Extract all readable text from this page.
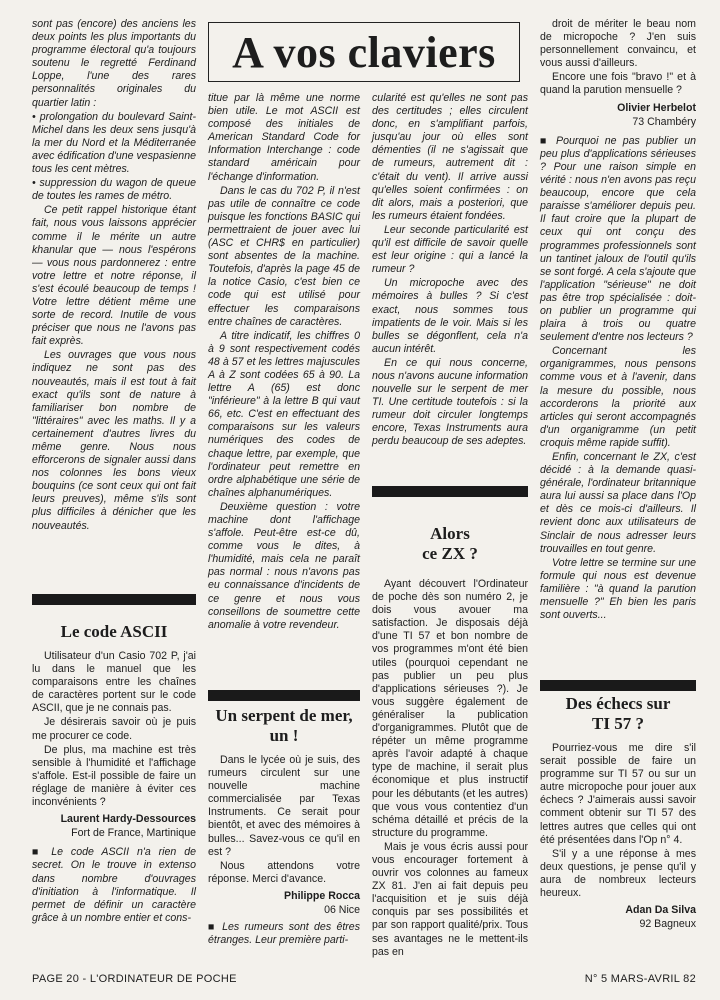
sont pas (encore) des anciens les deux points les plus importants du programme électoral qu'a toujours soutenu le regretté Ferdinand Loppe, l'une des rares personnalités originales du quartier latin :

• prolongation du boulevard Saint-Michel dans les deux sens jusqu'à la mer du Nord et la Méditerranée avec édification d'une vespasienne tous les cent mètres.

• suppression du wagon de queue de toutes les rames de métro.

Ce petit rappel historique étant fait, nous vous laissons apprécier comme il le mérite un autre khanular que — nous l'espérons — vous nous pardonnerez : entre votre lettre et notre réponse, il s'est écoulé beaucoup de temps ! Votre lettre détient même une sorte de record. Inutile de vous préciser que nous ne l'avons pas fait exprès.

Les ouvrages que vous nous indiquez ne sont pas des nouveautés, mais il est tout à fait exact qu'ils sont de nature à familiariser bon nombre de "littéraires" avec les maths. Il y a certainement d'autres livres du même genre. Nous nous efforcerons de signaler aussi dans nos colonnes les bons vieux bouquins (ce sont ceux qui ont fait leurs preuves), même s'ils sont plus difficiles à dénicher que les nouveautés.

Le code ASCII

Utilisateur d'un Casio 702 P, j'ai lu dans le manuel que les comparaisons entre les chaînes de caractères portent sur le code ASCII, que je ne connais pas.

Je désirerais savoir où je puis me procurer ce code.

De plus, ma machine est très sensible à l'humidité et l'affichage s'affole. Est-il possible de faire un réglage de manière à éviter ces inconvénients ?

Laurent Hardy-Dessources

Fort de France, Martinique

■ Le code ASCII n'a rien de secret. On le trouve in extenso dans nombre d'ouvrages d'initiation à l'informatique. Il permet de définir un caractère grâce à un nombre entier et cons-

A vos claviers

titue par là même une norme bien utile. Le mot ASCII est composé des initiales de American Standard Code for Information Interchange : code standard américain pour l'échange d'information.

Dans le cas du 702 P, il n'est pas utile de connaître ce code puisque les fonctions BASIC qui permettraient de jouer avec lui (ASC et CHR$ en particulier) sont absentes de la machine. Toutefois, d'après la page 45 de la notice Casio, c'est bien ce code qui est utilisé pour effectuer les comparaisons entre chaînes de caractères.

A titre indicatif, les chiffres 0 à 9 sont respectivement codés 48 à 57 et les lettres majuscules A à Z sont codées 65 à 90. La lettre A (65) est donc "inférieure" à la lettre B qui vaut 66, etc. C'est en effectuant des comparaisons sur les valeurs numériques des codes de chaque lettre, par exemple, que l'ordinateur peut remettre en ordre alphabétique une série de chaînes alphanumériques.

Deuxième question : votre machine dont l'affichage s'affole. Peut-être est-ce dû, comme vous le dites, à l'humidité, mais cela ne paraît pas normal : nous n'avons pas eu connaissance d'incidents de ce genre et nous vous conseillons de soumettre cette anomalie à votre revendeur.

Un serpent de mer, un !

Dans le lycée où je suis, des rumeurs circulent sur une nouvelle machine commercialisée par Texas Instruments. Ce serait pour bientôt, et avec des mémoires à bulles... Savez-vous ce qu'il en est ?

Nous attendons votre réponse. Merci d'avance.

Philippe Rocca

06 Nice

■ Les rumeurs sont des êtres étranges. Leur première parti-

cularité est qu'elles ne sont pas des certitudes ; elles circulent donc, en s'amplifiant parfois, jusqu'au jour où elles sont démenties (il ne s'agissait que de rumeurs, autrement dit : c'était du vent). Il arrive aussi qu'elles soient confirmées : on dit alors, mais a posteriori, que les rumeurs étaient fondées.

Leur seconde particularité est qu'il est difficile de savoir quelle est leur origine : qui a lancé la rumeur ?

Un micropoche avec des mémoires à bulles ? Si c'est exact, nous sommes tous impatients de le voir. Mais si les bulles se dégonflent, cela n'a aucun intérêt.

En ce qui nous concerne, nous n'avons aucune information nouvelle sur le serpent de mer TI. Une certitude toutefois : si la rumeur doit circuler longtemps encore, Texas Instruments aura perdu beaucoup de ses adeptes.

Alors
ce ZX ?

Ayant découvert l'Ordinateur de poche dès son numéro 2, je dois vous avouer ma satisfaction. Je disposais déjà d'une TI 57 et bon nombre de vos programmes m'ont été bien utiles (pourquoi cependant ne pas publier un peu plus d'applications sérieuses ?). Je vous suggère également de généraliser la publication d'organigrammes. Plutôt que de répéter un même programme après l'avoir adapté à chaque type de machine, il serait plus économique et plus instructif pour les débutants (et les autres) que vous vous contentiez d'un schéma détaillé et précis de la structure du programme.

Mais je vous écris aussi pour vous encourager fortement à ouvrir vos colonnes au fameux ZX 81. J'en ai fait depuis peu l'acquisition et je suis déjà conquis par ses possibilités et par son rapport qualité/prix. Tous ses avantages ne le mettent-ils pas en

droit de mériter le beau nom de micropoche ? J'en suis personnellement convaincu, et vous aussi d'ailleurs.

Encore une fois "bravo !" et à quand la parution mensuelle ?

Olivier Herbelot

73 Chambéry

■ Pourquoi ne pas publier un peu plus d'applications sérieuses ? Pour une raison simple en vérité : nous n'en avons pas reçu beaucoup, encore que cela paraisse s'améliorer depuis peu. Il faut croire que la plupart de ceux qui ont conçu des programmes professionnels sont un tantinet jaloux de l'outil qu'ils se sont forgé. A cela s'ajoute que l'application "sérieuse" ne doit pas être trop spécialisée : doit-on publier un programme qui plaira à trois ou quatre seulement d'entre nos lecteurs ?

Concernant les organigrammes, nous pensons comme vous et à l'avenir, dans la mesure du possible, nous accorderons la priorité aux articles qui seront accompagnés d'un organigramme (un petit croquis même rapide suffit).

Enfin, concernant le ZX, c'est décidé : à la demande quasi-générale, l'ordinateur britannique aura lui aussi sa place dans l'Op et dès ce mois-ci d'ailleurs. Il revient donc aux utilisateurs de Sinclair de nous adresser leurs trouvailles en tout genre.

Votre lettre se termine sur une formule qui nous est devenue familière : "à quand la parution mensuelle ?" Eh bien les paris sont ouverts...

Des échecs sur
TI 57 ?

Pourriez-vous me dire s'il serait possible de faire un programme sur TI 57 ou sur un autre micropoche pour jouer aux échecs ? J'aimerais aussi savoir comment obtenir sur TI 57 des lettres autres que celles qui ont été présentées dans l'Op n° 4.

S'il y a une réponse à mes deux questions, je pense qu'il y aura de nombreux lecteurs heureux.

Adan Da Silva

92 Bagneux

PAGE 20 - L'ORDINATEUR DE POCHE	N° 5 MARS-AVRIL 82
